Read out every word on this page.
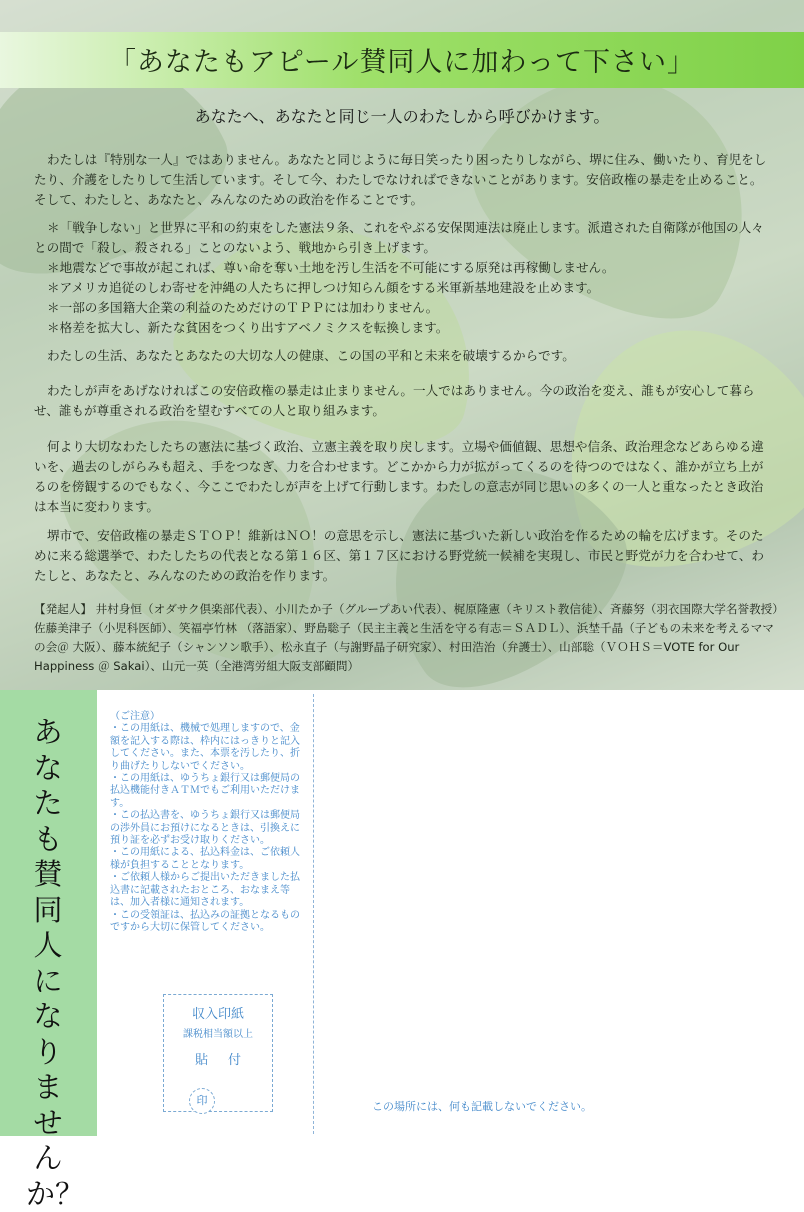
「あなたもアピール賛同人に加わって下さい」
あなたへ、あなたと同じ一人のわたしから呼びかけます。
わたしは『特別な一人』ではありません。あなたと同じように毎日笑ったり困ったりしながら、堺に住み、働いたり、育児をしたり、介護をしたりして生活しています。そして今、わたしでなければできないことがあります。安倍政権の暴走を止めること。そして、わたしと、あなたと、みんなのための政治を作ることです。
＊「戦争しない」と世界に平和の約束をした憲法９条、これをやぶる安保関連法は廃止します。派遣された自衛隊が他国の人々との間で「殺し、殺される」ことのないよう、戦地から引き上げます。
＊地震などで事故が起これば、尊い命を奪い土地を汚し生活を不可能にする原発は再稼働しません。
＊アメリカ追従のしわ寄せを沖縄の人たちに押しつけ知らん顔をする米軍新基地建設を止めます。
＊一部の多国籍大企業の利益のためだけのＴＰＰには加わりません。
＊格差を拡大し、新たな貧困をつくり出すアベノミクスを転換します。
わたしの生活、あなたとあなたの大切な人の健康、この国の平和と未来を破壊するからです。
わたしが声をあげなければこの安倍政権の暴走は止まりません。一人ではありません。今の政治を変え、誰もが安心して暮らせ、誰もが尊重される政治を望むすべての人と取り組みます。
何より大切なわたしたちの憲法に基づく政治、立憲主義を取り戻します。立場や価値観、思想や信条、政治理念などあらゆる違いを、過去のしがらみも超え、手をつなぎ、力を合わせます。どこかから力が拡がってくるのを待つのではなく、誰かが立ち上がるのを傍観するのでもなく、今ここでわたしが声を上げて行動します。わたしの意志が同じ思いの多くの一人と重なったとき政治は本当に変わります。
堺市で、安倍政権の暴走ＳＴＯＰ！維新はＮＯ！の意思を示し、憲法に基づいた新しい政治を作るための輪を広げます。そのために来る総選挙で、わたしたちの代表となる第１６区、第１７区における野党統一候補を実現し、市民と野党が力を合わせて、わたしと、あなたと、みんなのための政治を作ります。
【発起人】 井村身恒（オダサク倶楽部代表）、小川たか子（グループあい代表）、梶原隆憲（キリスト教信徒）、斉藤努（羽衣国際大学名誉教授）佐藤美津子（小児科医師）、笑福亭竹林 （落語家）、野島聡子（民主主義と生活を守る有志＝ＳＡＤＬ）、浜埜千晶（子どもの未来を考えるママの会＠ 大阪）、藤本統紀子（シャンソン歌手）、松永直子（与謝野晶子研究家）、村田浩治（弁護士）、山部聡（ＶＯＨＳ＝VOTE for Our Happiness ＠ Sakai）、山元一英（全港湾労組大阪支部顧問）
あなたも賛同人になりませんか？
（ご注意）
・この用紙は、機械で処理しますので、金額を記入する際は、枠内にはっきりと記入してください。また、本票を汚したり、折り曲げたりしないでください。
・この用紙は、ゆうちょ銀行又は郵便局の払込機能付きＡＴＭでもご利用いただけます。
・この払込書を、ゆうちょ銀行又は郵便局の渉外員にお預けになるときは、引換えに預り証を必ずお受け取りください。
・この用紙による、払込料金は、ご依頼人様が負担することとなります。
・ご依頼人様からご提出いただきました払込書に記載されたおところ、おなまえ等は、加入者様に通知されます。
・この受領証は、払込みの証拠となるものですから大切に保管してください。
収入印紙
課税相当額以上
貼付
印	この場所には、何も記載しないでください。
